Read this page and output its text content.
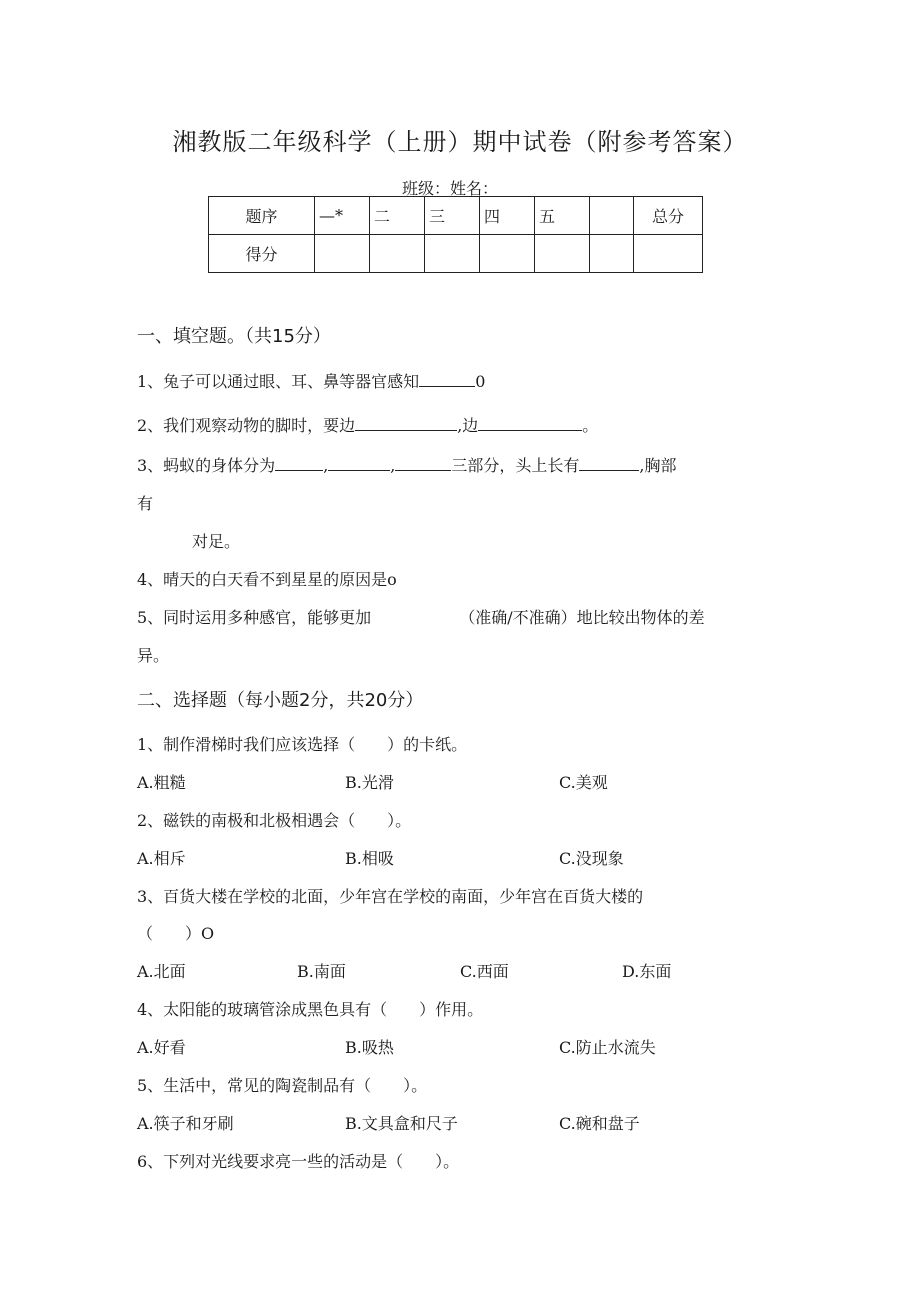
湘教版二年级科学（上册）期中试卷（附参考答案）
班级：姓名：
题序	—*	二	三	四	五		总分
得分							
一、填空题。（共15分）
1、兔子可以通过眼、耳、鼻等器官感知	0
2、我们观察动物的脚时，要边	,边	。
3、蚂蚁的身体分为	,	,	三部分，头上长有	,胸部
有
对足。
4、晴天的白天看不到星星的原因是o
5、同时运用多种感官，能够更加	（准确/不准确）地比较出物体的差
异。
二、选择题（每小题2分，共20分）
1、制作滑梯时我们应该选择（　　）的卡纸。
A.粗糙	B.光滑	C.美观
2、磁铁的南极和北极相遇会（　　）。
A.相斥	B.相吸	C.没现象
3、百货大楼在学校的北面，少年宫在学校的南面，少年宫在百货大楼的
（　　）O
A.北面	B.南面	C.西面	D.东面
4、太阳能的玻璃管涂成黑色具有（　　）作用。
A.好看	B.吸热	C.防止水流失
5、生活中，常见的陶瓷制品有（　　）。
A.筷子和牙刷	B.文具盒和尺子	C.碗和盘子
6、下列对光线要求亮一些的活动是（　　）。
